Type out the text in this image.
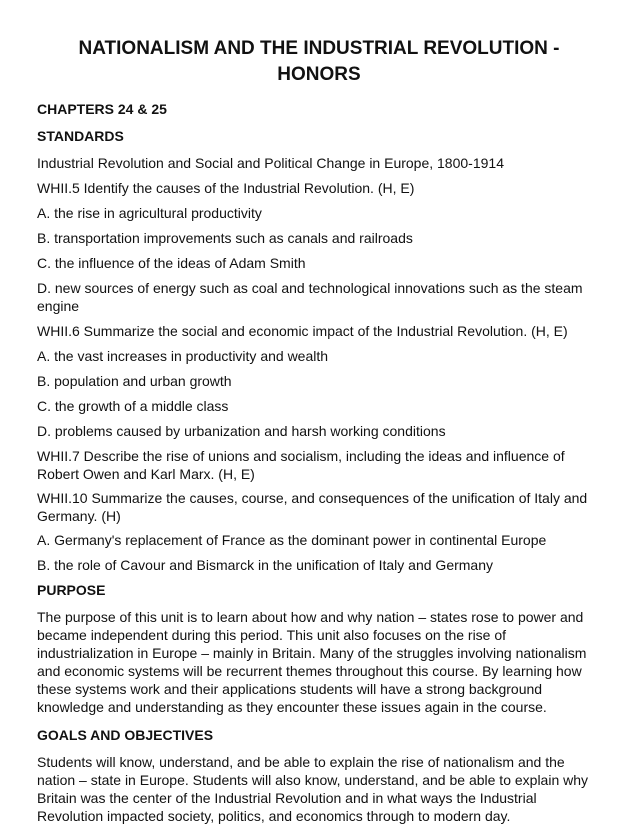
NATIONALISM AND THE INDUSTRIAL REVOLUTION - HONORS

CHAPTERS 24 & 25

STANDARDS

Industrial Revolution and Social and Political Change in Europe, 1800-1914

WHII.5 Identify the causes of the Industrial Revolution. (H, E)

A. the rise in agricultural productivity

B. transportation improvements such as canals and railroads

C. the influence of the ideas of Adam Smith

D. new sources of energy such as coal and technological innovations such as the steam engine

WHII.6 Summarize the social and economic impact of the Industrial Revolution. (H, E)

A. the vast increases in productivity and wealth

B. population and urban growth

C. the growth of a middle class

D. problems caused by urbanization and harsh working conditions

WHII.7 Describe the rise of unions and socialism, including the ideas and influence of Robert Owen and Karl Marx. (H, E)

WHII.10 Summarize the causes, course, and consequences of the unification of Italy and Germany. (H)

A. Germany's replacement of France as the dominant power in continental Europe

B. the role of Cavour and Bismarck in the unification of Italy and Germany

PURPOSE

The purpose of this unit is to learn about how and why nation – states rose to power and became independent during this period. This unit also focuses on the rise of industrialization in Europe – mainly in Britain. Many of the struggles involving nationalism and economic systems will be recurrent themes throughout this course. By learning how these systems work and their applications students will have a strong background knowledge and understanding as they encounter these issues again in the course.

GOALS AND OBJECTIVES

Students will know, understand, and be able to explain the rise of nationalism and the nation – state in Europe. Students will also know, understand, and be able to explain why Britain was the center of the Industrial Revolution and in what ways the Industrial Revolution impacted society, politics, and economics through to modern day.
